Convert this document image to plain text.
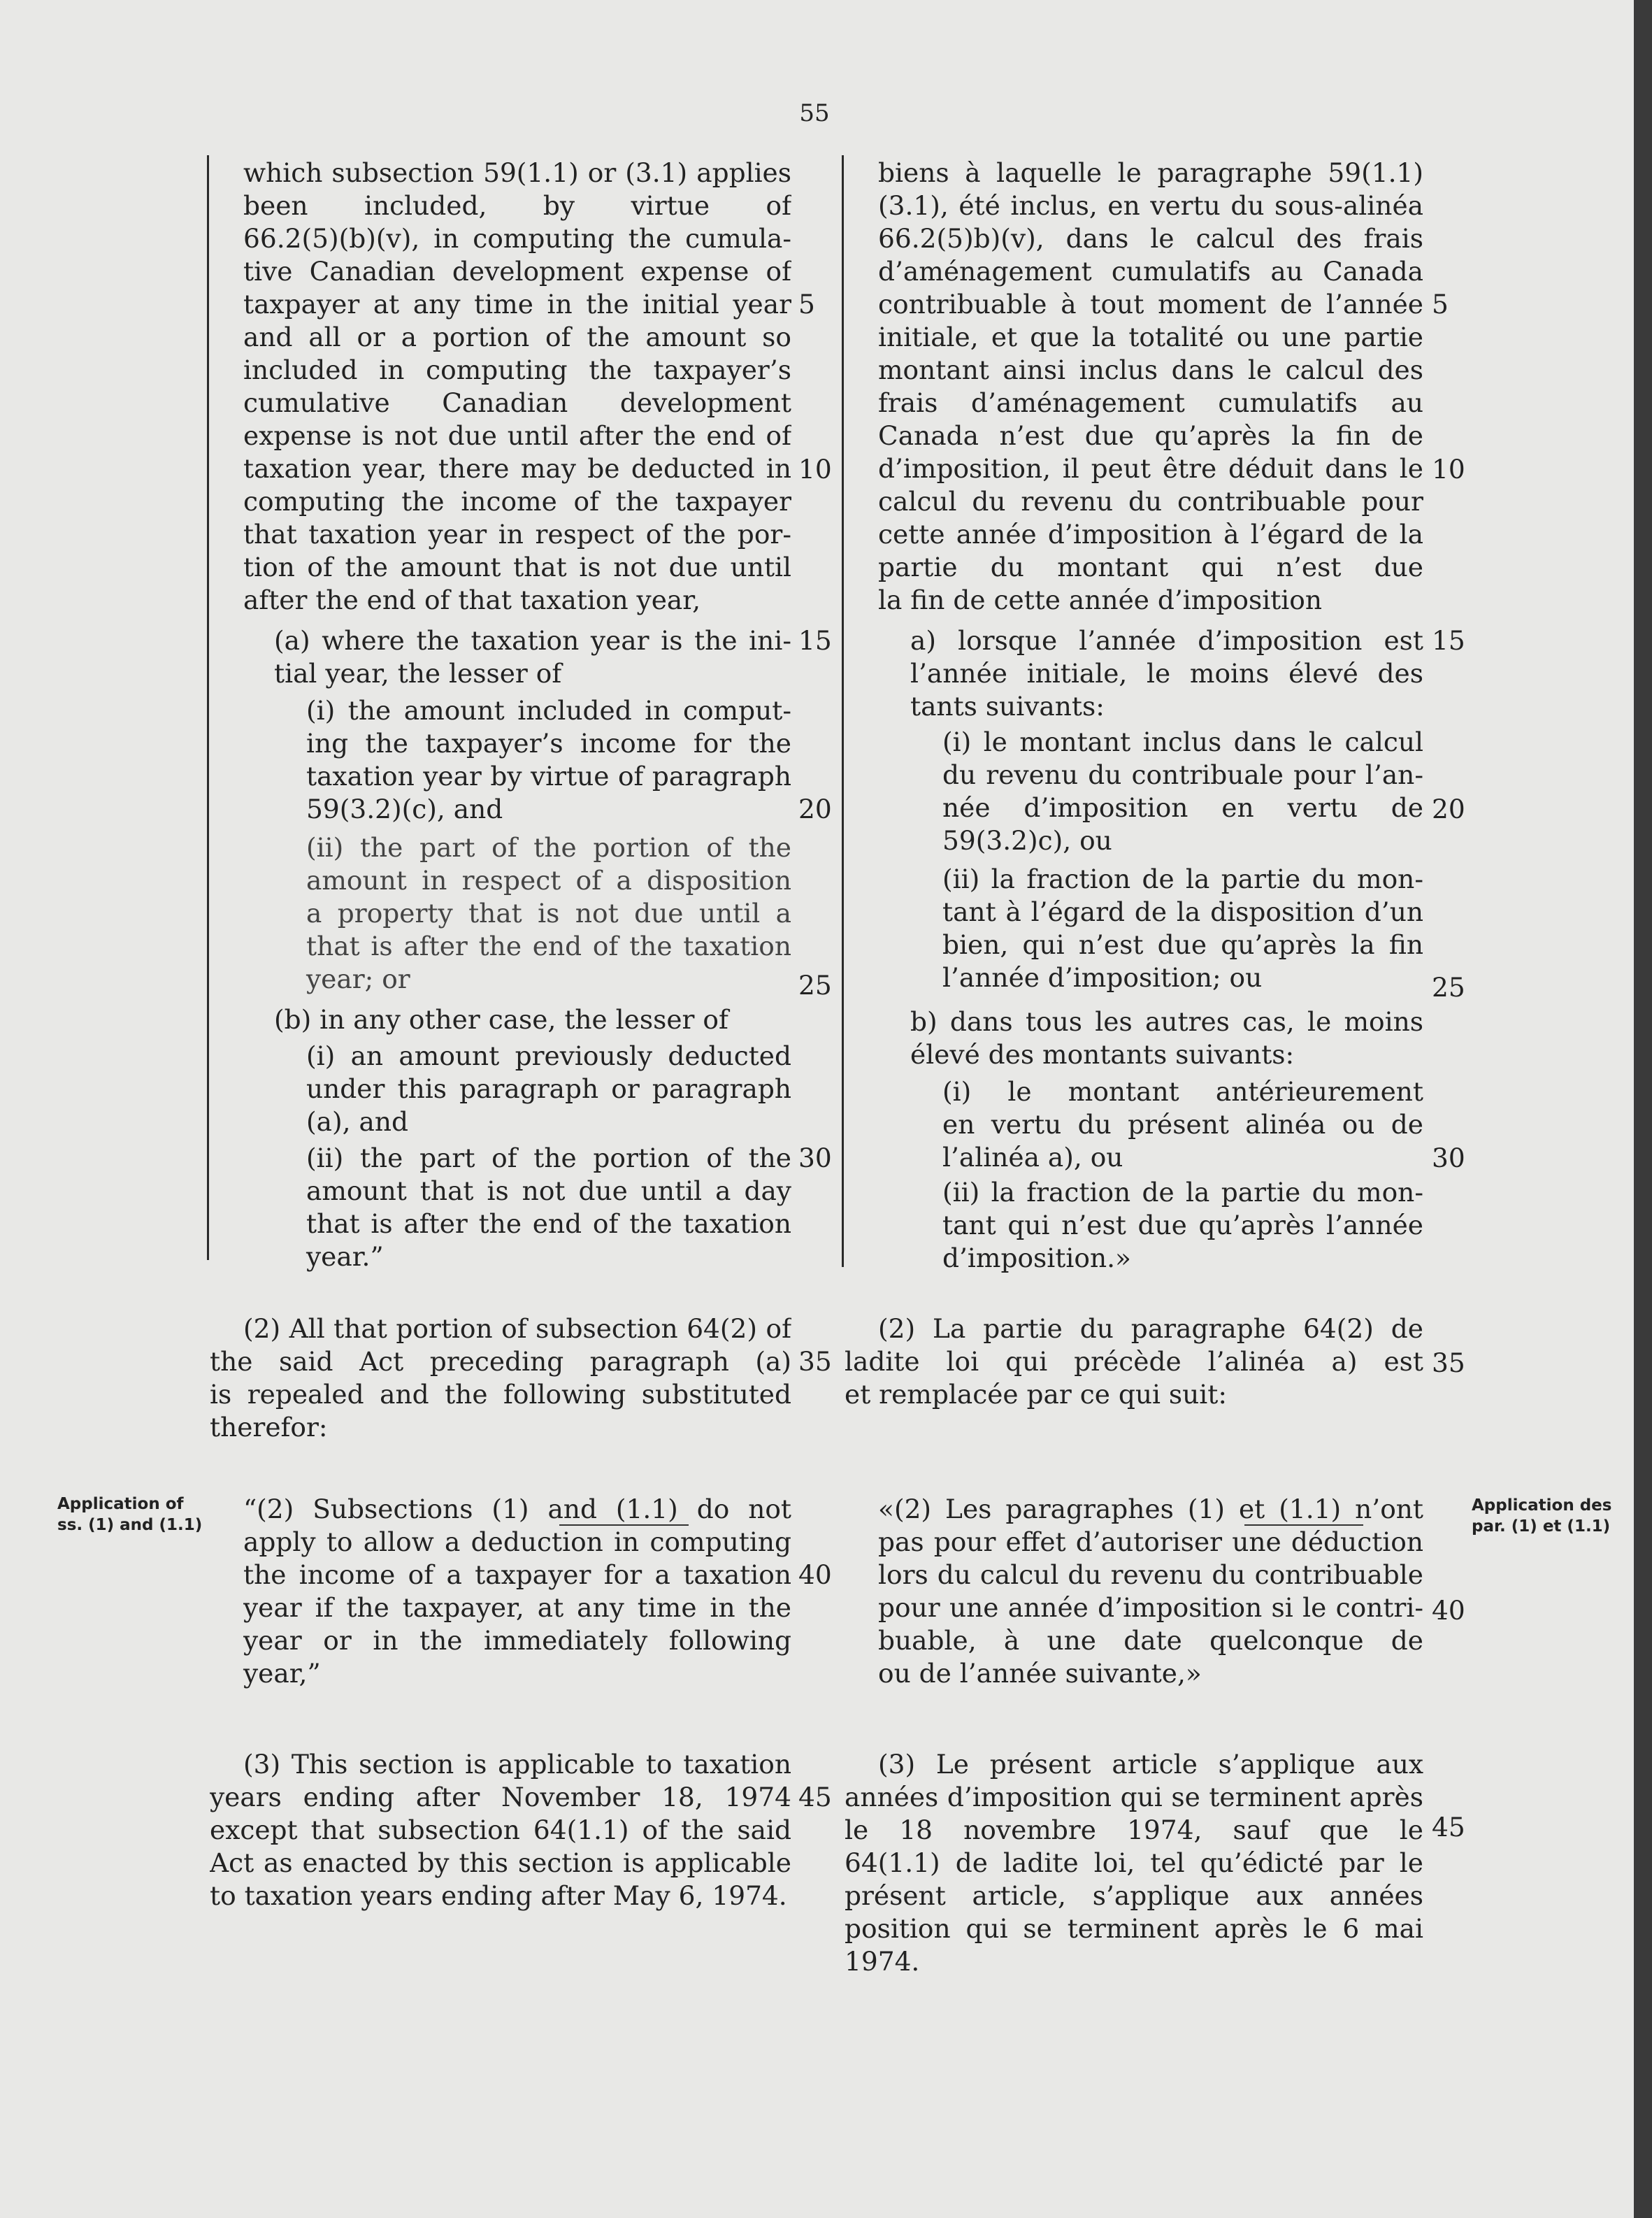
55
which subsection 59(1.1) or (3.1) applies
been included, by virtue of
66.2(5)(b)(v), in computing the cumula-
tive Canadian development expense of
taxpayer at any time in the initial year
and all or a portion of the amount so
included in computing the taxpayer’s
cumulative Canadian development
expense is not due until after the end of
taxation year, there may be deducted in
computing the income of the taxpayer
that taxation year in respect of the por-
tion of the amount that is not due until
after the end of that taxation year,
(a) where the taxation year is the ini-
tial year, the lesser of
(i) the amount included in comput-
ing the taxpayer’s income for the
taxation year by virtue of paragraph
59(3.2)(c), and
(ii) the part of the portion of the
amount in respect of a disposition
a property that is not due until a
that is after the end of the taxation
year; or
(b) in any other case, the lesser of
(i) an amount previously deducted
under this paragraph or paragraph
(a), and
(ii) the part of the portion of the
amount that is not due until a day
that is after the end of the taxation
year.”
(2) All that portion of subsection 64(2) of
the said Act preceding paragraph (a)
is repealed and the following substituted
therefor:
Application of
ss. (1) and (1.1)
“(2) Subsections (1) and (1.1) do not
apply to allow a deduction in computing
the income of a taxpayer for a taxation
year if the taxpayer, at any time in the
year or in the immediately following
year,”
(3) This section is applicable to taxation
years ending after November 18, 1974
except that subsection 64(1.1) of the said
Act as enacted by this section is applicable
to taxation years ending after May 6, 1974.
5
10
15
20
25
30
35
40
45
biens à laquelle le paragraphe 59(1.1)
(3.1), été inclus, en vertu du sous-alinéa
66.2(5)b)(v), dans le calcul des frais
d’aménagement cumulatifs au Canada
contribuable à tout moment de l’année
initiale, et que la totalité ou une partie
montant ainsi inclus dans le calcul des
frais d’aménagement cumulatifs au
Canada n’est due qu’après la fin de
d’imposition, il peut être déduit dans le
calcul du revenu du contribuable pour
cette année d’imposition à l’égard de la
partie du montant qui n’est due
la fin de cette année d’imposition
a) lorsque l’année d’imposition est
l’année initiale, le moins élevé des
tants suivants:
(i) le montant inclus dans le calcul
du revenu du contribuale pour l’an-
née d’imposition en vertu de
59(3.2)c), ou
(ii) la fraction de la partie du mon-
tant à l’égard de la disposition d’un
bien, qui n’est due qu’après la fin
l’année d’imposition; ou
b) dans tous les autres cas, le moins
élevé des montants suivants:
(i) le montant antérieurement
en vertu du présent alinéa ou de
l’alinéa a), ou
(ii) la fraction de la partie du mon-
tant qui n’est due qu’après l’année
d’imposition.»
(2) La partie du paragraphe 64(2) de
ladite loi qui précède l’alinéa a) est
et remplacée par ce qui suit:
«(2) Les paragraphes (1) et (1.1) n’ont
pas pour effet d’autoriser une déduction
lors du calcul du revenu du contribuable
pour une année d’imposition si le contri-
buable, à une date quelconque de
ou de l’année suivante,»
Application des
par. (1) et (1.1)
(3) Le présent article s’applique aux
années d’imposition qui se terminent après
le 18 novembre 1974, sauf que le
64(1.1) de ladite loi, tel qu’édicté par le
présent article, s’applique aux années
position qui se terminent après le 6 mai
1974.
5
10
15
20
25
30
35
40
45
